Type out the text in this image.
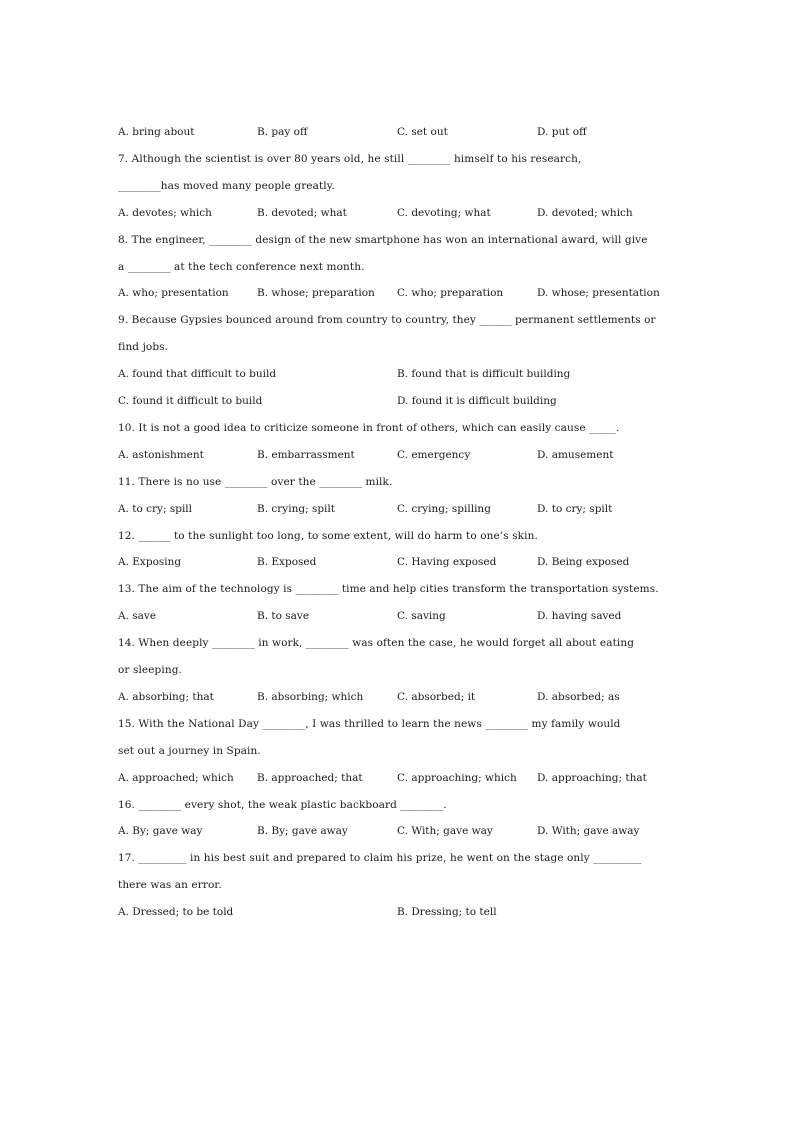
A. bring about	B. pay off	C. set out	D. put off
7. Although the scientist is over 80 years old, he still ________ himself to his research,
________has moved many people greatly.
A. devotes; which	B. devoted; what	C. devoting; what	D. devoted; which
8. The engineer, ________ design of the new smartphone has won an international award, will give
a ________ at the tech conference next month.
A. who; presentation	B. whose; preparation C. who; preparation	D. whose; presentation
9. Because Gypsies bounced around from country to country, they ______ permanent settlements or
find jobs.
A. found that difficult to build	B. found that is difficult building
C. found it difficult to build	D. found it is difficult building
10. It is not a good idea to criticize someone in front of others, which can easily cause _____.
A. astonishment	B. embarrassment	C. emergency	D. amusement
11. There is no use ________ over the ________ milk.
A. to cry; spill	B. crying; spilt	C. crying; spilling	D. to cry; spilt
12. ______ to the sunlight too long, to some extent, will do harm to one’s skin.
A. Exposing	B. Exposed	C. Having exposed	D. Being exposed
13. The aim of the technology is ________ time and help cities transform the transportation systems.
A. save	B. to save	C. saving	D. having saved
14. When deeply ________ in work, ________ was often the case, he would forget all about eating
or sleeping.
A. absorbing; that	B. absorbing; which	C. absorbed; it	D. absorbed; as
15. With the National Day ________, I was thrilled to learn the news ________ my family would
set out a journey in Spain.
A. approached; which B. approached; that	C. approaching; which D. approaching; that
16. ________ every shot, the weak plastic backboard ________.
A. By; gave way	B. By; gave away	C. With; gave way	D. With; gave away
17. _________ in his best suit and prepared to claim his prize, he went on the stage only _________
there was an error.
A. Dressed; to be told	B. Dressing; to tell
